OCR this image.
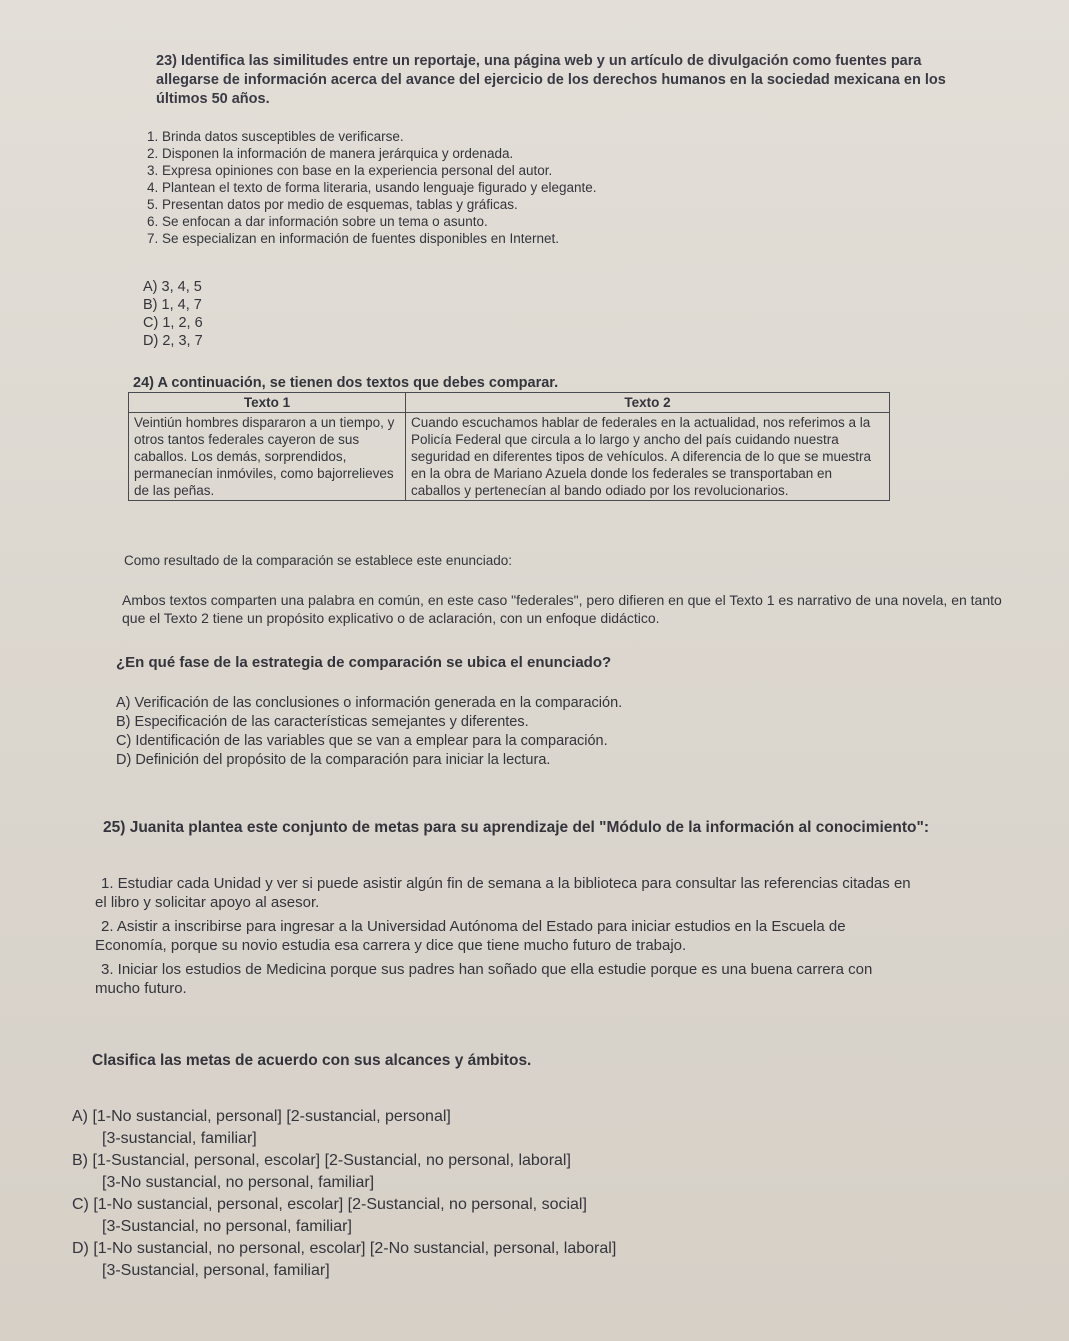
23) Identifica las similitudes entre un reportaje, una página web y un artículo de divulgación como fuentes para allegarse de información acerca del avance del ejercicio de los derechos humanos en la sociedad mexicana en los últimos 50 años.

1. Brinda datos susceptibles de verificarse.
2. Disponen la información de manera jerárquica y ordenada.
3. Expresa opiniones con base en la experiencia personal del autor.
4. Plantean el texto de forma literaria, usando lenguaje figurado y elegante.
5. Presentan datos por medio de esquemas, tablas y gráficas.
6. Se enfocan a dar información sobre un tema o asunto.
7. Se especializan en información de fuentes disponibles en Internet.
A) 3, 4, 5
B) 1, 4, 7
C) 1, 2, 6
D) 2, 3, 7

24) A continuación, se tienen dos textos que debes comparar.

Texto 1	Texto 2
Veintiún hombres dispararon a un tiempo, y otros tantos federales cayeron de sus caballos. Los demás, sorprendidos, permanecían inmóviles, como bajorrelieves de las peñas.	Cuando escuchamos hablar de federales en la actualidad, nos referimos a la Policía Federal que circula a lo largo y ancho del país cuidando nuestra seguridad en diferentes tipos de vehículos. A diferencia de lo que se muestra en la obra de Mariano Azuela donde los federales se transportaban en caballos y pertenecían al bando odiado por los revolucionarios.

Como resultado de la comparación se establece este enunciado:

Ambos textos comparten una palabra en común, en este caso "federales", pero difieren en que el Texto 1 es narrativo de una novela, en tanto que el Texto 2 tiene un propósito explicativo o de aclaración, con un enfoque didáctico.

¿En qué fase de la estrategia de comparación se ubica el enunciado?

A) Verificación de las conclusiones o información generada en la comparación.
B) Especificación de las características semejantes y diferentes.
C) Identificación de las variables que se van a emplear para la comparación.
D) Definición del propósito de la comparación para iniciar la lectura.

25) Juanita plantea este conjunto de metas para su aprendizaje del "Módulo de la información al conocimiento":

1. Estudiar cada Unidad y ver si puede asistir algún fin de semana a la biblioteca para consultar las referencias citadas en el libro y solicitar apoyo al asesor.

2. Asistir a inscribirse para ingresar a la Universidad Autónoma del Estado para iniciar estudios en la Escuela de Economía, porque su novio estudia esa carrera y dice que tiene mucho futuro de trabajo.

3. Iniciar los estudios de Medicina porque sus padres han soñado que ella estudie porque es una buena carrera con mucho futuro.

Clasifica las metas de acuerdo con sus alcances y ámbitos.

A) [1-No sustancial, personal] [2-sustancial, personal]
[3-sustancial, familiar]
B) [1-Sustancial, personal, escolar] [2-Sustancial, no personal, laboral]
[3-No sustancial, no personal, familiar]
C) [1-No sustancial, personal, escolar] [2-Sustancial, no personal, social]
[3-Sustancial, no personal, familiar]
D) [1-No sustancial, no personal, escolar] [2-No sustancial, personal, laboral]
[3-Sustancial, personal, familiar]
